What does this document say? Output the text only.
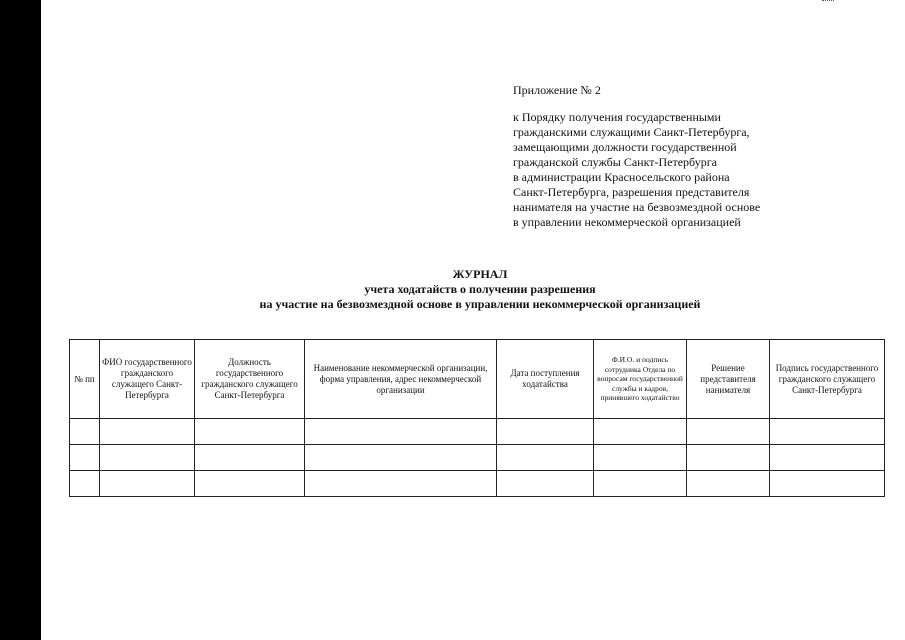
Приложение № 2
к Порядку получения государственными
гражданскими служащими Санкт-Петербурга,
замещающими должности государственной
гражданской службы Санкт-Петербурга
в администрации Красносельского района
Санкт-Петербурга, разрешения представителя
нанимателя на участие на безвозмездной основе
в управлении некоммерческой организацией
ЖУРНАЛ
учета ходатайств о получении разрешения
на участие на безвозмездной основе в управлении некоммерческой организацией
№ пп	ФИО государственного гражданского служащего Санкт-Петербурга	Должность государственного гражданского служащего Санкт-Петербурга	Наименование некоммерческой организации, форма управления, адрес некоммерческой организации	Дата поступления ходатайства	Ф.И.О. и подпись сотрудника Отдела по вопросам государственной службы и кадров, принявшего ходатайство	Решение представителя нанимателя	Подпись государственного гражданского служащего Санкт-Петербурга
